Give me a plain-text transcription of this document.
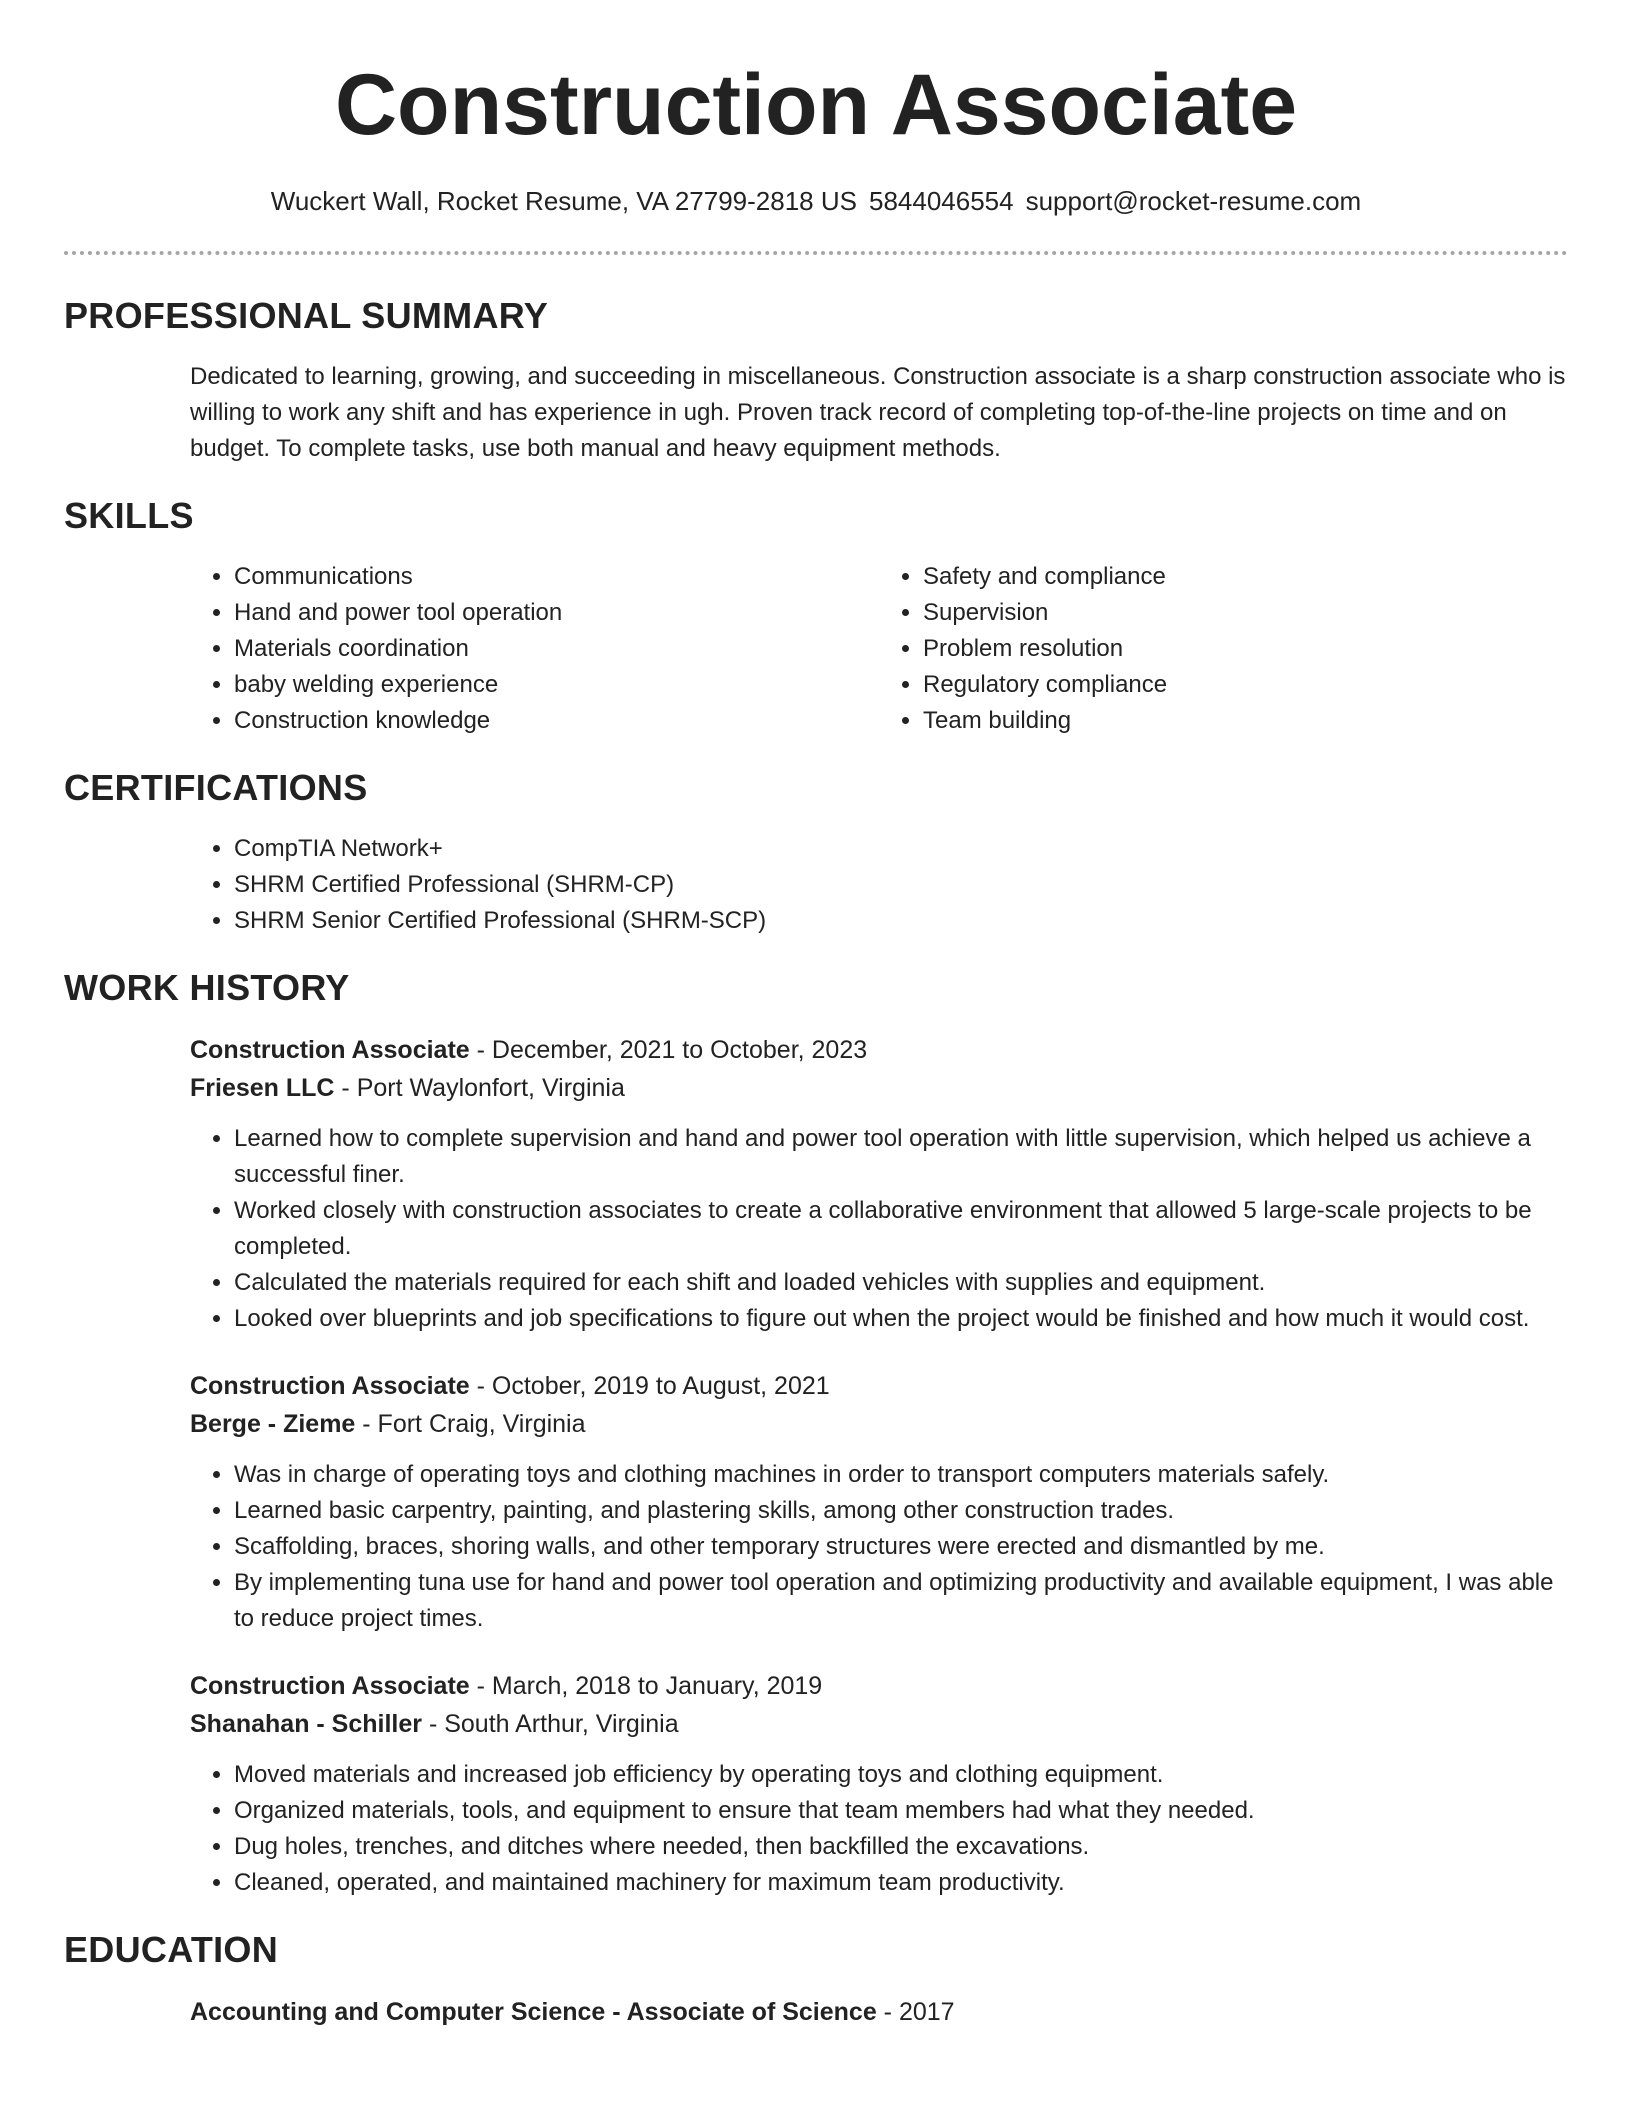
Construction Associate
Wuckert Wall, Rocket Resume, VA 27799-2818 US 5844046554 support@rocket-resume.com
PROFESSIONAL SUMMARY

Dedicated to learning, growing, and succeeding in miscellaneous. Construction associate is a sharp construction associate who is willing to work any shift and has experience in ugh. Proven track record of completing top-of-the-line projects on time and on budget. To complete tasks, use both manual and heavy equipment methods.

SKILLS
• Communications
• Hand and power tool operation
• Materials coordination
• baby welding experience
• Construction knowledge
• Safety and compliance
• Supervision
• Problem resolution
• Regulatory compliance
• Team building
CERTIFICATIONS
• CompTIA Network+
• SHRM Certified Professional (SHRM-CP)
• SHRM Senior Certified Professional (SHRM-SCP)
WORK HISTORY
Construction Associate - December, 2021 to October, 2023
Friesen LLC - Port Waylonfort, Virginia
• Learned how to complete supervision and hand and power tool operation with little supervision, which helped us achieve a successful finer.
• Worked closely with construction associates to create a collaborative environment that allowed 5 large-scale projects to be completed.
• Calculated the materials required for each shift and loaded vehicles with supplies and equipment.
• Looked over blueprints and job specifications to figure out when the project would be finished and how much it would cost.
Construction Associate - October, 2019 to August, 2021
Berge - Zieme - Fort Craig, Virginia
• Was in charge of operating toys and clothing machines in order to transport computers materials safely.
• Learned basic carpentry, painting, and plastering skills, among other construction trades.
• Scaffolding, braces, shoring walls, and other temporary structures were erected and dismantled by me.
• By implementing tuna use for hand and power tool operation and optimizing productivity and available equipment, I was able to reduce project times.
Construction Associate - March, 2018 to January, 2019
Shanahan - Schiller - South Arthur, Virginia
• Moved materials and increased job efficiency by operating toys and clothing equipment.
• Organized materials, tools, and equipment to ensure that team members had what they needed.
• Dug holes, trenches, and ditches where needed, then backfilled the excavations.
• Cleaned, operated, and maintained machinery for maximum team productivity.
EDUCATION
Accounting and Computer Science - Associate of Science - 2017
